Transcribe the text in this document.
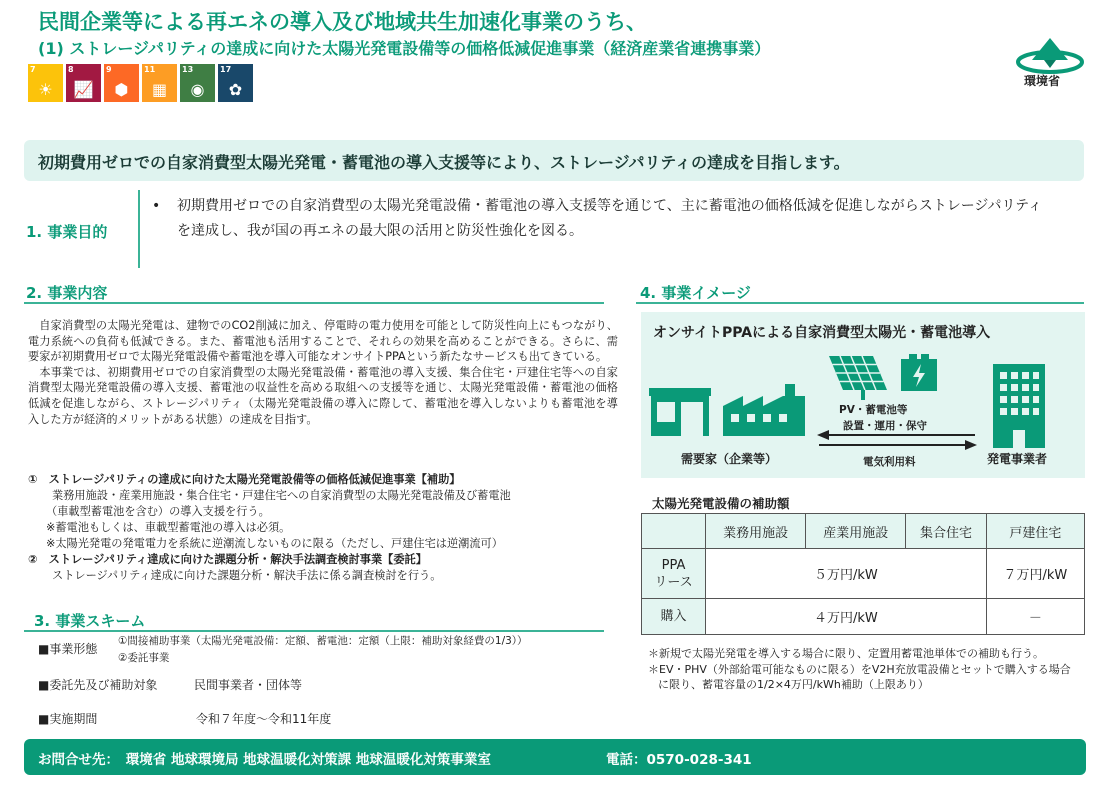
民間企業等による再エネの導入及び地域共生加速化事業のうち、
(1) ストレージパリティの達成に向けた太陽光発電設備等の価格低減促進事業（経済産業省連携事業）
7
☀
8
📈
9
⬢
11
▦
13
◉
17
✿	環境省
初期費用ゼロでの自家消費型太陽光発電・蓄電池の導入支援等により、ストレージパリティの達成を目指します。
1. 事業目的
• 初期費用ゼロでの自家消費型の太陽光発電設備・蓄電池の導入支援等を通じて、主に蓄電池の価格低減を促進しながらストレージパリティを達成し、我が国の再エネの最大限の活用と防災性強化を図る。
2. 事業内容
　自家消費型の太陽光発電は、建物でのCO2削減に加え、停電時の電力使用を可能として防災性向上にもつながり、電力系統への負荷も低減できる。また、蓄電池も活用することで、それらの効果を高めることができる。さらに、需要家が初期費用ゼロで太陽光発電設備や蓄電池を導入可能なオンサイトPPAという新たなサービスも出てきている。
　本事業では、初期費用ゼロでの自家消費型の太陽光発電設備・蓄電池の導入支援、集合住宅・戸建住宅等への自家消費型太陽光発電設備の導入支援、蓄電池の収益性を高める取組への支援等を通じ、太陽光発電設備・蓄電池の価格低減を促進しながら、ストレージパリティ（太陽光発電設備の導入に際して、蓄電池を導入しないよりも蓄電池を導入した方が経済的メリットがある状態）の達成を目指す。
①　ストレージパリティの達成に向けた太陽光発電設備等の価格低減促進事業【補助】
業務用施設・産業用施設・集合住宅・戸建住宅への自家消費型の太陽光発電設備及び蓄電池
（車載型蓄電池を含む）の導入支援を行う。
※蓄電池もしくは、車載型蓄電池の導入は必須。
※太陽光発電の発電電力を系統に逆潮流しないものに限る（ただし、戸建住宅は逆潮流可）
②　ストレージパリティ達成に向けた課題分析・解決手法調査検討事業【委託】
ストレージパリティ達成に向けた課題分析・解決手法に係る調査検討を行う。
3. 事業スキーム
■事業形態
①間接補助事業（太陽光発電設備：定額、蓄電池：定額（上限：補助対象経費の1/3））
②委託事業
■委託先及び補助対象	民間事業者・団体等
■実施期間	令和７年度～令和11年度
4. 事業イメージ
オンサイトPPAによる自家消費型太陽光・蓄電池導入
PV・蓄電池等
設置・運用・保守
電気利用料
需要家（企業等）	発電事業者
太陽光発電設備の補助額
	業務用施設	産業用施設	集合住宅	戸建住宅

PPA
リース	５万円/kW			７万円/kW
購入	４万円/kW			－

＊新規で太陽光発電を導入する場合に限り、定置用蓄電池単体での補助も行う。

＊EV・PHV（外部給電可能なものに限る）をV2H充放電設備とセットで購入する場合に限り、蓄電容量の1/2×4万円/kWh補助（上限あり）

お問合せ先：　環境省 地球環境局 地球温暖化対策課 地球温暖化対策事業室	電話：0570-028-341
